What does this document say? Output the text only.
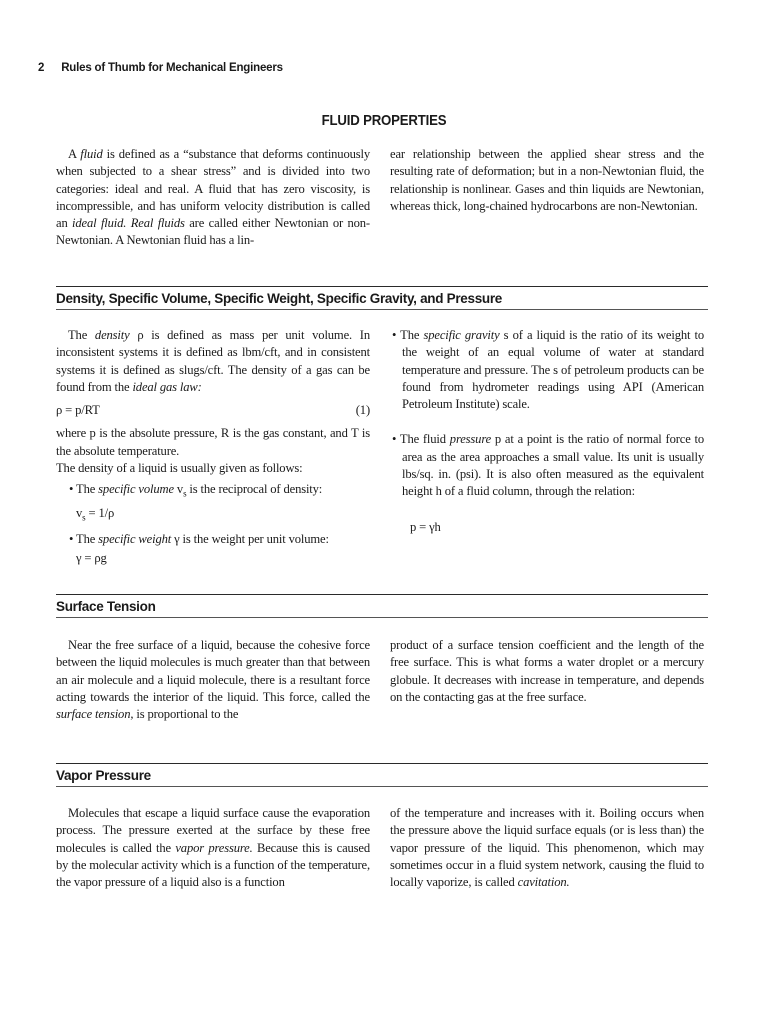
2 Rules of Thumb for Mechanical Engineers
FLUID PROPERTIES

A fluid is defined as a “substance that deforms continuously when subjected to a shear stress” and is divided into two categories: ideal and real. A fluid that has zero viscosity, is incompressible, and has uniform velocity distribution is called an ideal fluid. Real fluids are called either Newtonian or non-Newtonian. A Newtonian fluid has a lin-

ear relationship between the applied shear stress and the resulting rate of deformation; but in a non-Newtonian fluid, the relationship is nonlinear. Gases and thin liquids are Newtonian, whereas thick, long-chained hydrocarbons are non-Newtonian.

Density, Specific Volume, Specific Weight, Specific Gravity, and Pressure

The density ρ is defined as mass per unit volume. In inconsistent systems it is defined as lbm/cft, and in consistent systems it is defined as slugs/cft. The density of a gas can be found from the ideal gas law:

ρ = p/RT	(1)

where p is the absolute pressure, R is the gas constant, and T is the absolute temperature.

The density of a liquid is usually given as follows:

• The specific volume $v_s$ is the reciprocal of density:

$v_s = 1/\rho$

• The specific weight γ is the weight per unit volume:

γ = ρg

• The specific gravity s of a liquid is the ratio of its weight to the weight of an equal volume of water at standard temperature and pressure. The s of petroleum products can be found from hydrometer readings using API (American Petroleum Institute) scale.

• The fluid pressure p at a point is the ratio of normal force to area as the area approaches a small value. Its unit is usually lbs/sq. in. (psi). It is also often measured as the equivalent height h of a fluid column, through the relation:

p = γh

Surface Tension

Near the free surface of a liquid, because the cohesive force between the liquid molecules is much greater than that between an air molecule and a liquid molecule, there is a resultant force acting towards the interior of the liquid. This force, called the surface tension, is proportional to the

product of a surface tension coefficient and the length of the free surface. This is what forms a water droplet or a mercury globule. It decreases with increase in temperature, and depends on the contacting gas at the free surface.

Vapor Pressure

Molecules that escape a liquid surface cause the evaporation process. The pressure exerted at the surface by these free molecules is called the vapor pressure. Because this is caused by the molecular activity which is a function of the temperature, the vapor pressure of a liquid also is a function

of the temperature and increases with it. Boiling occurs when the pressure above the liquid surface equals (or is less than) the vapor pressure of the liquid. This phenomenon, which may sometimes occur in a fluid system network, causing the fluid to locally vaporize, is called cavitation.
